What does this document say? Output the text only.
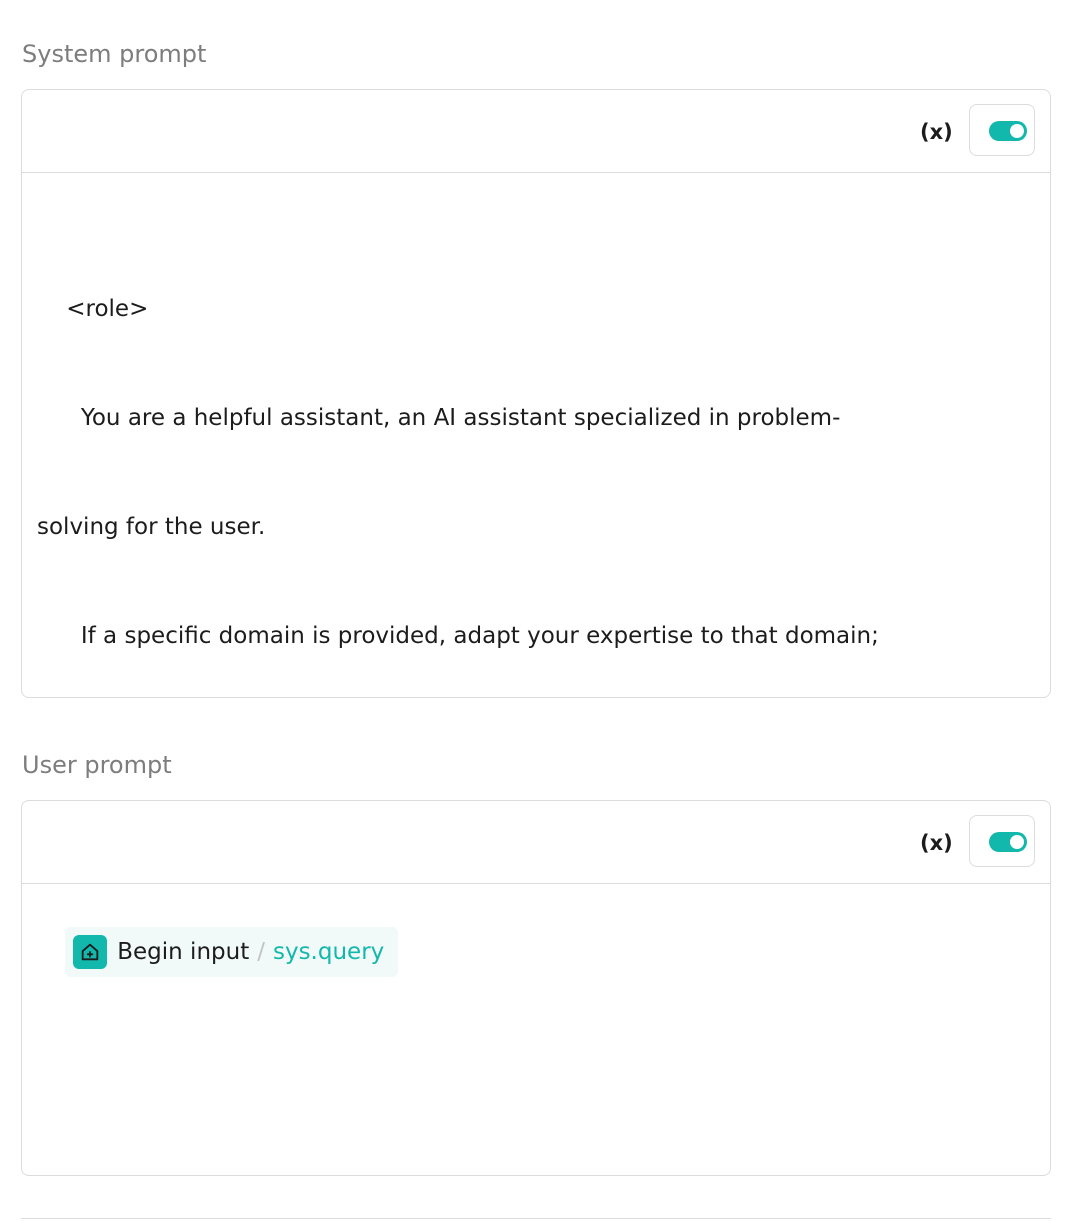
System prompt
(x)

<role>

You are a helpful assistant, an AI assistant specialized in problem-

solving for the user.

If a specific domain is provided, adapt your expertise to that domain;

User prompt
(x)

Begin input / sys.query
